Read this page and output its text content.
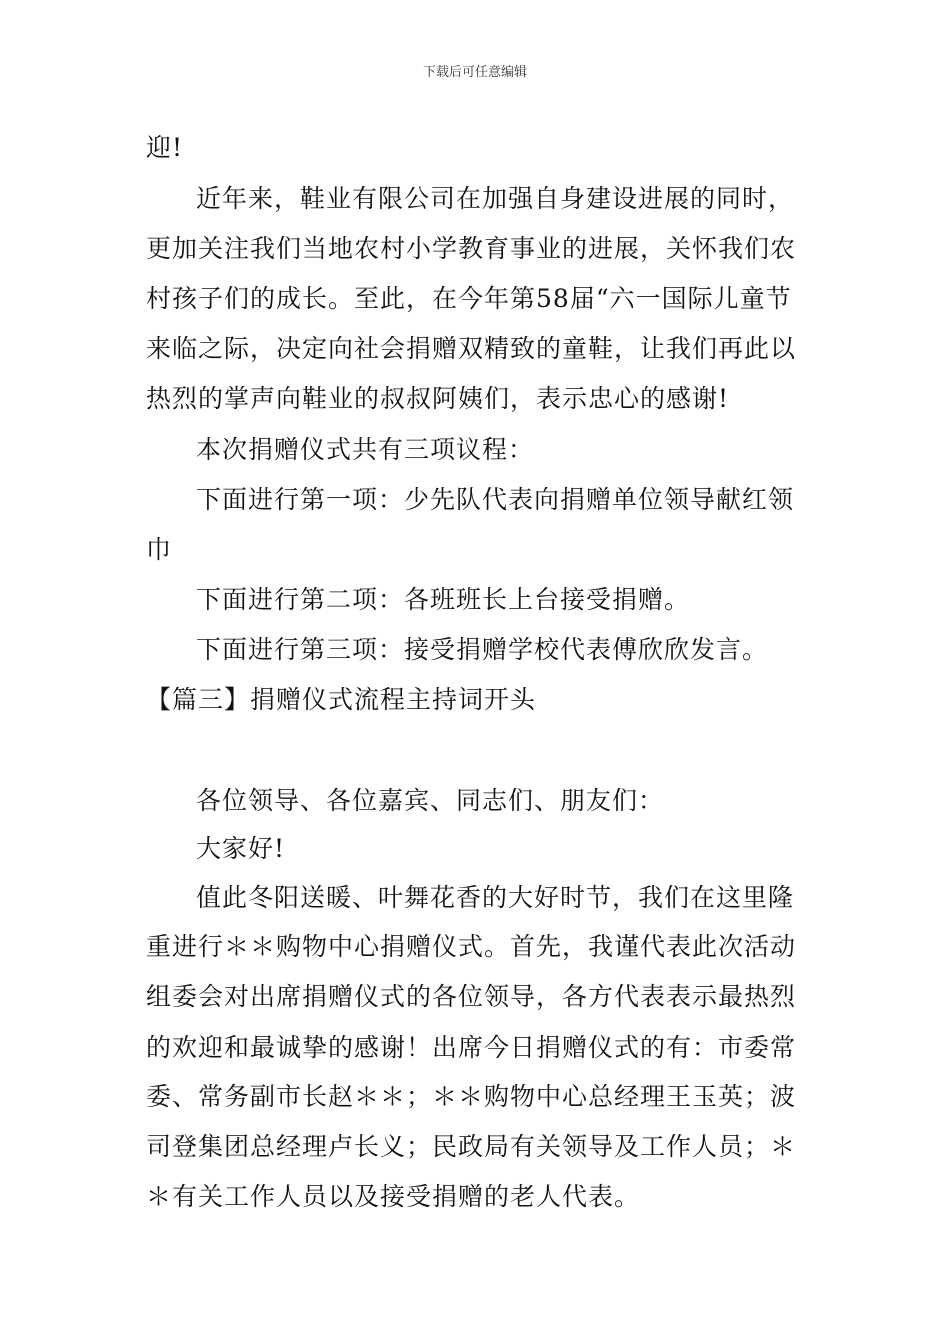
下载后可任意编辑
迎!
近年来，鞋业有限公司在加强自身建设进展的同时，
更加关注我们当地农村小学教育事业的进展，关怀我们农
村孩子们的成长。至此，在今年第58届“六一国际儿童节
来临之际，决定向社会捐赠双精致的童鞋，让我们再此以
热烈的掌声向鞋业的叔叔阿姨们，表示忠心的感谢!
本次捐赠仪式共有三项议程：
下面进行第一项：少先队代表向捐赠单位领导献红领
巾
下面进行第二项：各班班长上台接受捐赠。
下面进行第三项：接受捐赠学校代表傅欣欣发言。
【篇三】捐赠仪式流程主持词开头
各位领导、各位嘉宾、同志们、朋友们：
大家好!
值此冬阳送暖、叶舞花香的大好时节，我们在这里隆
重进行＊＊购物中心捐赠仪式。首先，我谨代表此次活动
组委会对出席捐赠仪式的各位领导，各方代表表示最热烈
的欢迎和最诚挚的感谢！出席今日捐赠仪式的有：市委常
委、常务副市长赵＊＊；＊＊购物中心总经理王玉英；波
司登集团总经理卢长义；民政局有关领导及工作人员；＊
＊有关工作人员以及接受捐赠的老人代表。
